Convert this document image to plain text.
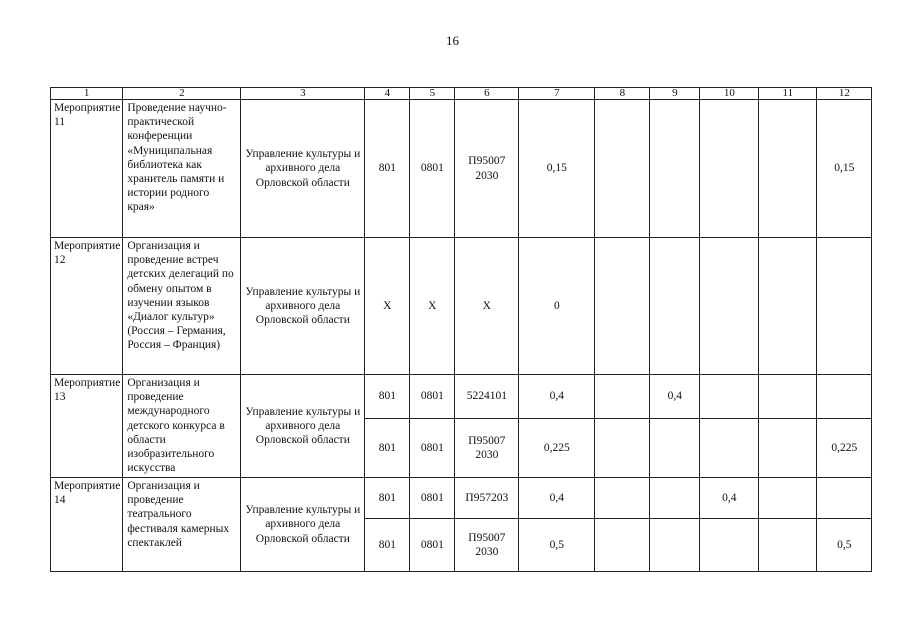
16
1	2	3	4	5	6	7	8	9	10	11	12
Мероприятие 11	Проведение научно-практической конференции «Муниципальная библиотека как хранитель памяти и истории родного края»	Управление культуры и архивного дела Орловской области	801	0801	П95007 2030	0,15					0,15
Мероприятие 12	Организация и проведение встреч детских делегаций по обмену опытом в изучении языков «Диалог культур» (Россия – Германия, Россия – Франция)	Управление культуры и архивного дела Орловской области	Х	Х	Х	0					
Мероприятие 13	Организация и проведение международного детского конкурса в области изобразительного искусства	Управление культуры и архивного дела Орловской области	801	0801	5224101	0,4		0,4			
			801	0801	П95007 2030	0,225					0,225
Мероприятие 14	Организация и проведение театрального фестиваля камерных спектаклей	Управление культуры и архивного дела Орловской области	801	0801	П957203	0,4			0,4		
			801	0801	П95007 2030	0,5					0,5
